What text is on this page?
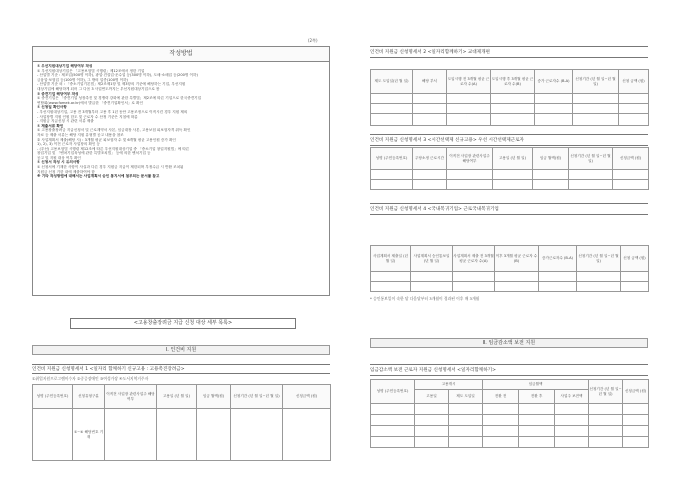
(2쪽)
작성방법

① 우선지원대상기업 해당여부 작성

① 우선지원대상기업은 「고용보험법 시행령」제12조에서 정한 기업

- 산업별 기준 : 제조업(500명 이하), 광업·건설업·운수업 등(300명 이하), 도매·소매업 등(200명 이하)

금융업·보험업 등(100명 이하), 그 밖의 업종(100명 이하)

- 산업별 기준 외 : 「중소기업기본법」제2조제1항 및 제3항의 기준에 해당하는 기업, 우선지원

대상기업에 해당하게 되어 그 다음 3 사업연도까지는 우선지원대상기업으로 봄

② 중견기업 해당여부 작성

① 중견기업은 「중견기업 성장촉진 및 경쟁력 강화에 관한 특별법」제2조에 따른 기업으로 한국중견기업

연합회(www.fomek.or.kr)에서 발급한 「중견기업확인서」로 확인

① 신청일 확인사항

- 우선지원대상기업, 고용 전 3개월부터 고용 후 1년 동안 고용조정으로 이직시킨 경우 지원 제외

- 사업장별 지원 인원 한도 및 근로자 수 산정 기준은 지침에 따름

- 지원금 지급신청 시 관련 서류 제출

① 제출서류 확인

① 고용창출장려금 지급신청서 및 근로계약서 사본, 임금대장 사본, 고용보험 피보험자격 취득 확인

자료 등 제출 서류는 해당 지원 유형별 공고 내용을 참조

② 사업계획서 제출(해당 시) : 3개월 평균 피보험자 수 및 6개월 평균 고용인원 증가 확인

1), 2), 3) 이전 근로자 사업장의 확인 등

- (우선) 고용보험법 시행령 제12조에 따른 우선지원대상기업 중 「중소기업 창업지원법」에 따른

창업기업 및 「벤처기업육성에 관한 특별조치법」 등에 의한 벤처기업 등

공고 및 지원 대상 여부 확인

① 신청서 작성 시 유의사항

① 신청서에 기재한 사항이 사실과 다른 경우 지원금 지급이 제한되며 부정수급 시 반환 조치됨

지원금 신청 기한 내에 제출하여야 함

※ 기타 작성방법에 대해서는 사업계획서 승인 통지서에 첨부되는 문서를 참고

<고용창출장려금 지급 신청 대상 세부 목록>
Ⅰ. 인건비 지원
인건비 지원금 신청명세서 1 <일자리 함께하기 신규고용 : 고용촉진장려금>
①취업지원프로그램이수자 ②중증장애인 ③여성가장 ④도서지역거주자
성명 (주민등록번호)	신청유형구분	이직전 사업장 관련사업주 해당여부	고용일 (년 월 일)	임금 월액(원)	신청기간 (년 월 일~년 월 일)	신청금액 (원)
	①~④ 해당번호 기재					
인건비 지원금 신청명세서 2 <일자리함께하기> 교대제개편
제도 도입일(년 월 일)	해당 부서	도입시행 전 3개월 평균 근로자 수(A)	도입시행 후 3개월 평균 근로자 수(B)	증가 근로자수 (B-A)	신청기간 (년 월 일~년 월 일)	신청 금액 (원)

인건비 지원금 신청명세서 3 <시간선택제 신규고용> 우선 시간선택제근로자
성명 (주민등록번호)	주당소정 근로시간	이직전 사업장 관련사업주 해당여부	고용일 (년 월 일)	임금 월액(원)	신청기간 (년 월 일~년 월 일)	신청금액 (원)

인건비 지원금 신청명세서 4 <국내복귀기업> 근로국내복귀기업
사업계획서 제출일 (년 월 일)	사업계획서 승인통보일 (년 월 일)	사업계획서 제출 전 3개월 평균 근로자 수(A)	이후 3개월 평균 근로자 수(B)	증가근로자수 (B-A)	신청기간 (년 월 일~년 월 일)	신청 금액 (원)

* 승인통보일이 속한 달 다음달부터 3개월이 경과된 이후 매 3개월
Ⅱ. 임금감소액 보전 지원
임금감소액 보전 근로자 지원금 신청명세서 <일자리함께하기>
성명 (주민등록번호)	고용개시		임금월액			신청기간 (년 월 일~년 월 일)	신청금액 (원)
	고용일	제도 도입일	전환 전	전환 후	사업주 보전액		
